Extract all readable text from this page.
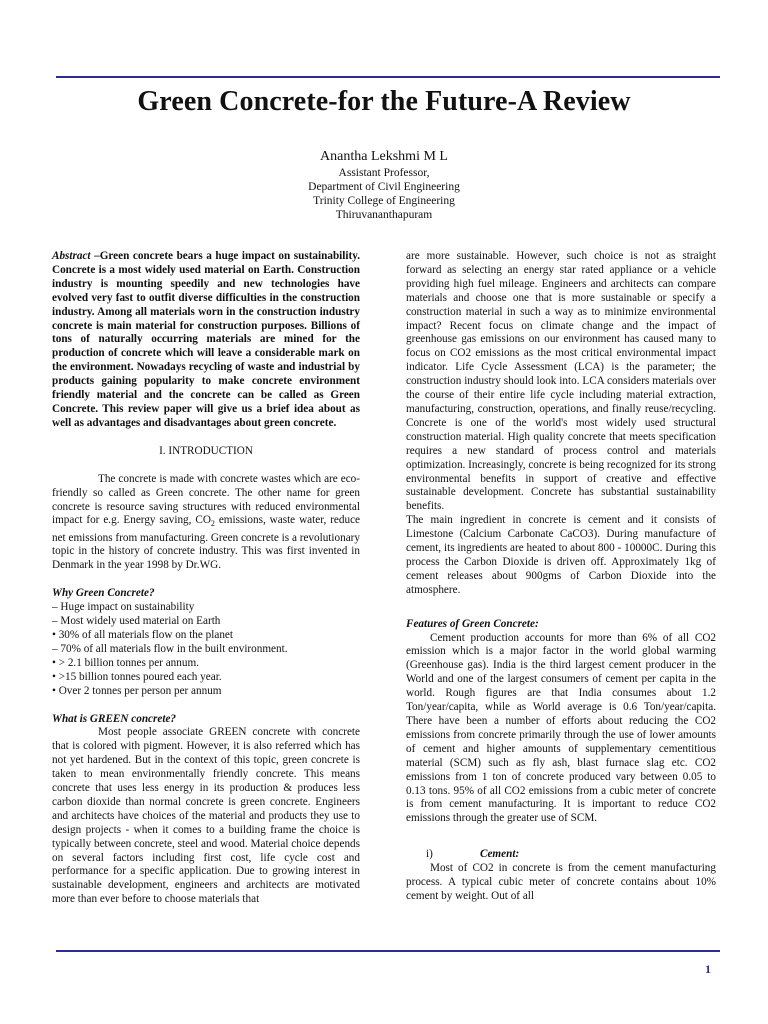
Green Concrete-for the Future-A Review
Anantha Lekshmi M L
Assistant Professor,
Department of Civil Engineering
Trinity College of Engineering
Thiruvananthapuram

Abstract –Green concrete bears a huge impact on sustainability. Concrete is a most widely used material on Earth. Construction industry is mounting speedily and new technologies have evolved very fast to outfit diverse difficulties in the construction industry. Among all materials worn in the construction industry concrete is main material for construction purposes. Billions of tons of naturally occurring materials are mined for the production of concrete which will leave a considerable mark on the environment. Nowadays recycling of waste and industrial by products gaining popularity to make concrete environment friendly material and the concrete can be called as Green Concrete. This review paper will give us a brief idea about as well as advantages and disadvantages about green concrete.

I. INTRODUCTION

The concrete is made with concrete wastes which are eco-friendly so called as Green concrete. The other name for green concrete is resource saving structures with reduced environmental impact for e.g. Energy saving, $CO_2$ emissions, waste water, reduce net emissions from manufacturing. Green concrete is a revolutionary topic in the history of concrete industry. This was first invented in Denmark in the year 1998 by Dr.WG.

Why Green Concrete?

– Huge impact on sustainability
– Most widely used material on Earth
• 30% of all materials flow on the planet
– 70% of all materials flow in the built environment.
• > 2.1 billion tonnes per annum.
• >15 billion tonnes poured each year.
• Over 2 tonnes per person per annum

What is GREEN concrete?

Most people associate GREEN concrete with concrete that is colored with pigment. However, it is also referred which has not yet hardened. But in the context of this topic, green concrete is taken to mean environmentally friendly concrete. This means concrete that uses less energy in its production & produces less carbon dioxide than normal concrete is green concrete. Engineers and architects have choices of the material and products they use to design projects - when it comes to a building frame the choice is typically between concrete, steel and wood. Material choice depends on several factors including first cost, life cycle cost and performance for a specific application. Due to growing interest in sustainable development, engineers and architects are motivated more than ever before to choose materials that

are more sustainable. However, such choice is not as straight forward as selecting an energy star rated appliance or a vehicle providing high fuel mileage. Engineers and architects can compare materials and choose one that is more sustainable or specify a construction material in such a way as to minimize environmental impact? Recent focus on climate change and the impact of greenhouse gas emissions on our environment has caused many to focus on CO2 emissions as the most critical environmental impact indicator. Life Cycle Assessment (LCA) is the parameter; the construction industry should look into. LCA considers materials over the course of their entire life cycle including material extraction, manufacturing, construction, operations, and finally reuse/recycling. Concrete is one of the world's most widely used structural construction material. High quality concrete that meets specification requires a new standard of process control and materials optimization. Increasingly, concrete is being recognized for its strong environmental benefits in support of creative and effective sustainable development. Concrete has substantial sustainability benefits.

The main ingredient in concrete is cement and it consists of Limestone (Calcium Carbonate CaCO3). During manufacture of cement, its ingredients are heated to about 800 - 10000C. During this process the Carbon Dioxide is driven off. Approximately 1kg of cement releases about 900gms of Carbon Dioxide into the atmosphere.

Features of Green Concrete:

Cement production accounts for more than 6% of all CO2 emission which is a major factor in the world global warming (Greenhouse gas). India is the third largest cement producer in the World and one of the largest consumers of cement per capita in the world. Rough figures are that India consumes about 1.2 Ton/year/capita, while as World average is 0.6 Ton/year/capita. There have been a number of efforts about reducing the CO2 emissions from concrete primarily through the use of lower amounts of cement and higher amounts of supplementary cementitious material (SCM) such as fly ash, blast furnace slag etc. CO2 emissions from 1 ton of concrete produced vary between 0.05 to 0.13 tons. 95% of all CO2 emissions from a cubic meter of concrete is from cement manufacturing. It is important to reduce CO2 emissions through the greater use of SCM.

i)	Cement:

Most of CO2 in concrete is from the cement manufacturing process. A typical cubic meter of concrete contains about 10% cement by weight. Out of all

1
